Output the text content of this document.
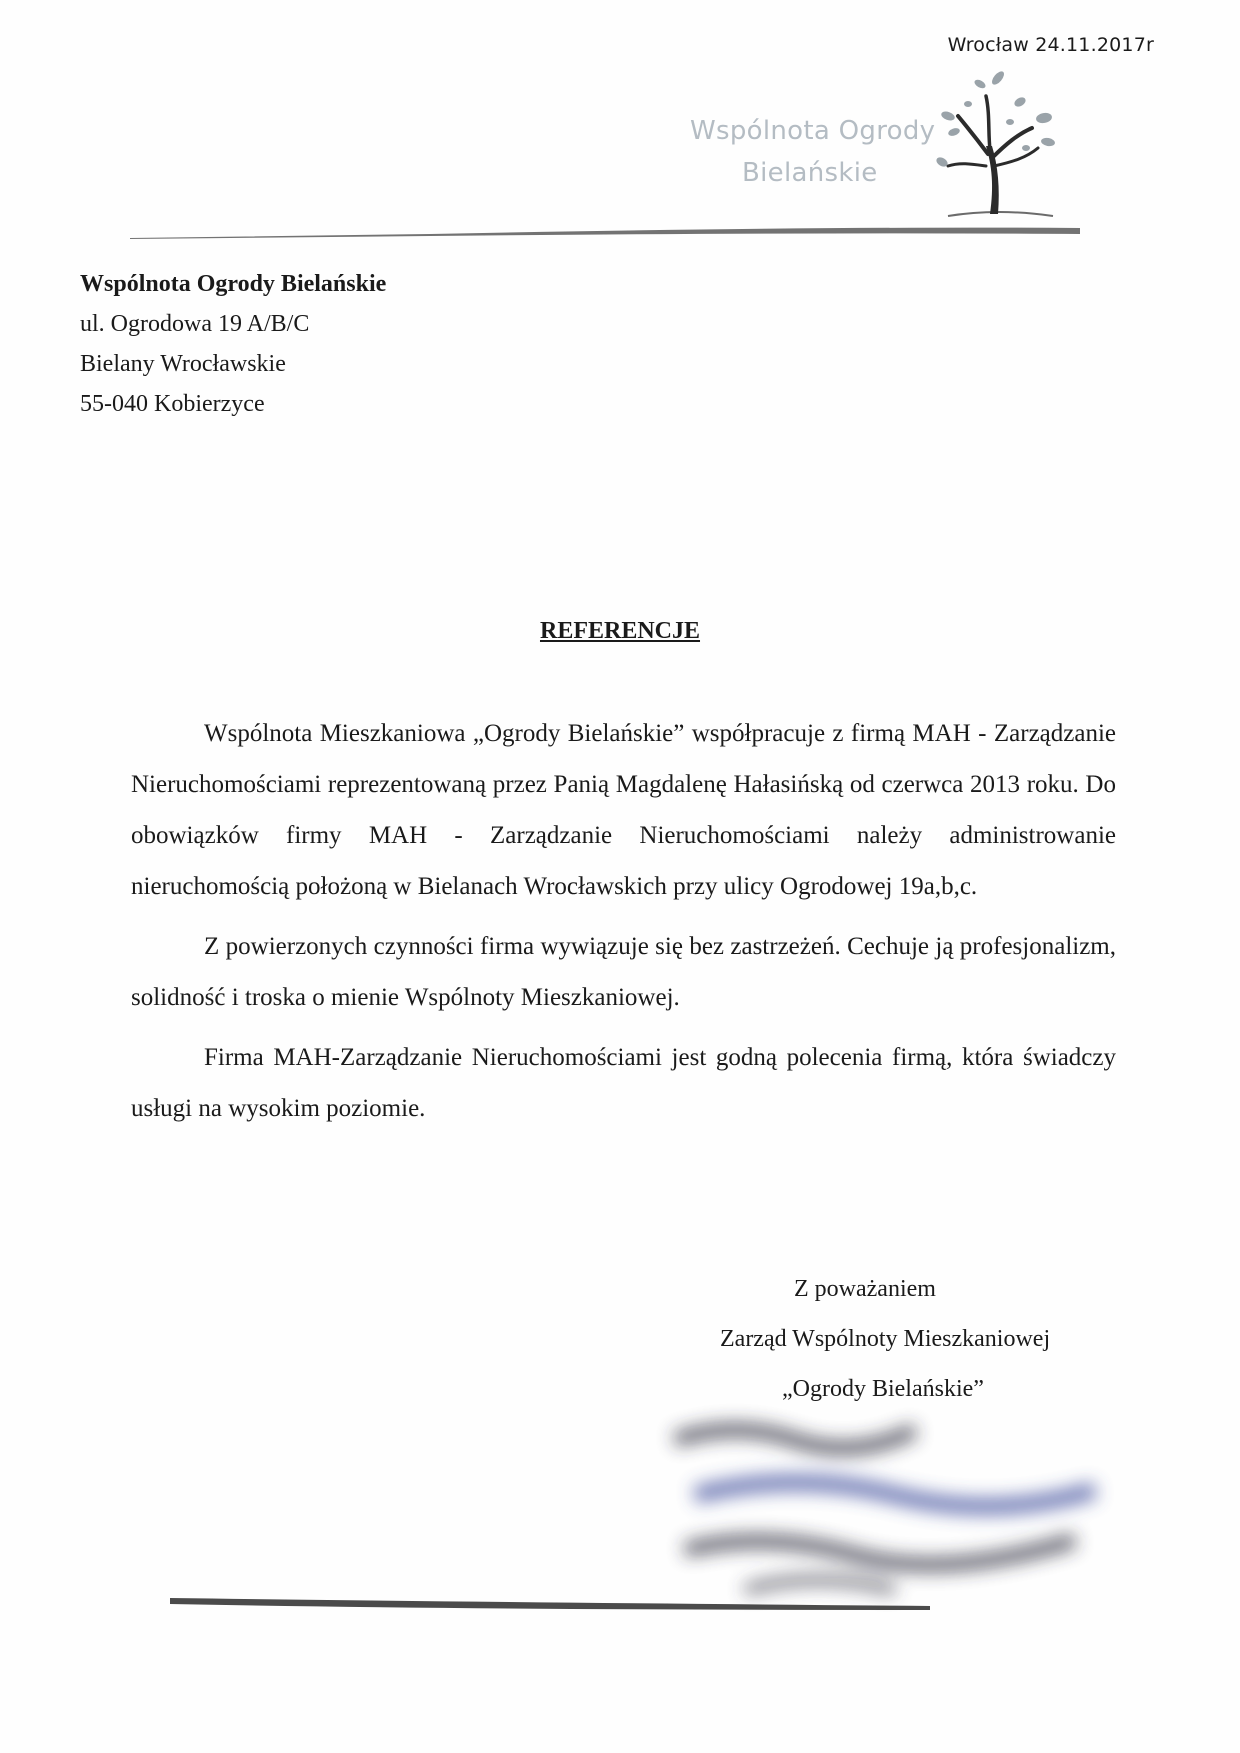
Wrocław 24.11.2017r
Wspólnota Ogrody
Bielańskie
Wspólnota Ogrody Bielańskie
ul. Ogrodowa 19 A/B/C
Bielany Wrocławskie
55-040 Kobierzyce
REFERENCJE

Wspólnota Mieszkaniowa „Ogrody Bielańskie” współpracuje z firmą MAH - Zarządzanie Nieruchomościami reprezentowaną przez Panią Magdalenę Hałasińską od czerwca 2013 roku. Do obowiązków firmy MAH - Zarządzanie Nieruchomościami należy administrowanie nieruchomością położoną w Bielanach Wrocławskich przy ulicy Ogrodowej 19a,b,c.

Z powierzonych czynności firma wywiązuje się bez zastrzeżeń. Cechuje ją profesjonalizm, solidność i troska o mienie Wspólnoty Mieszkaniowej.

Firma MAH-Zarządzanie Nieruchomościami jest godną polecenia firmą, która świadczy usługi na wysokim poziomie.

Z poważaniem
Zarząd Wspólnoty Mieszkaniowej
„Ogrody Bielańskie”
